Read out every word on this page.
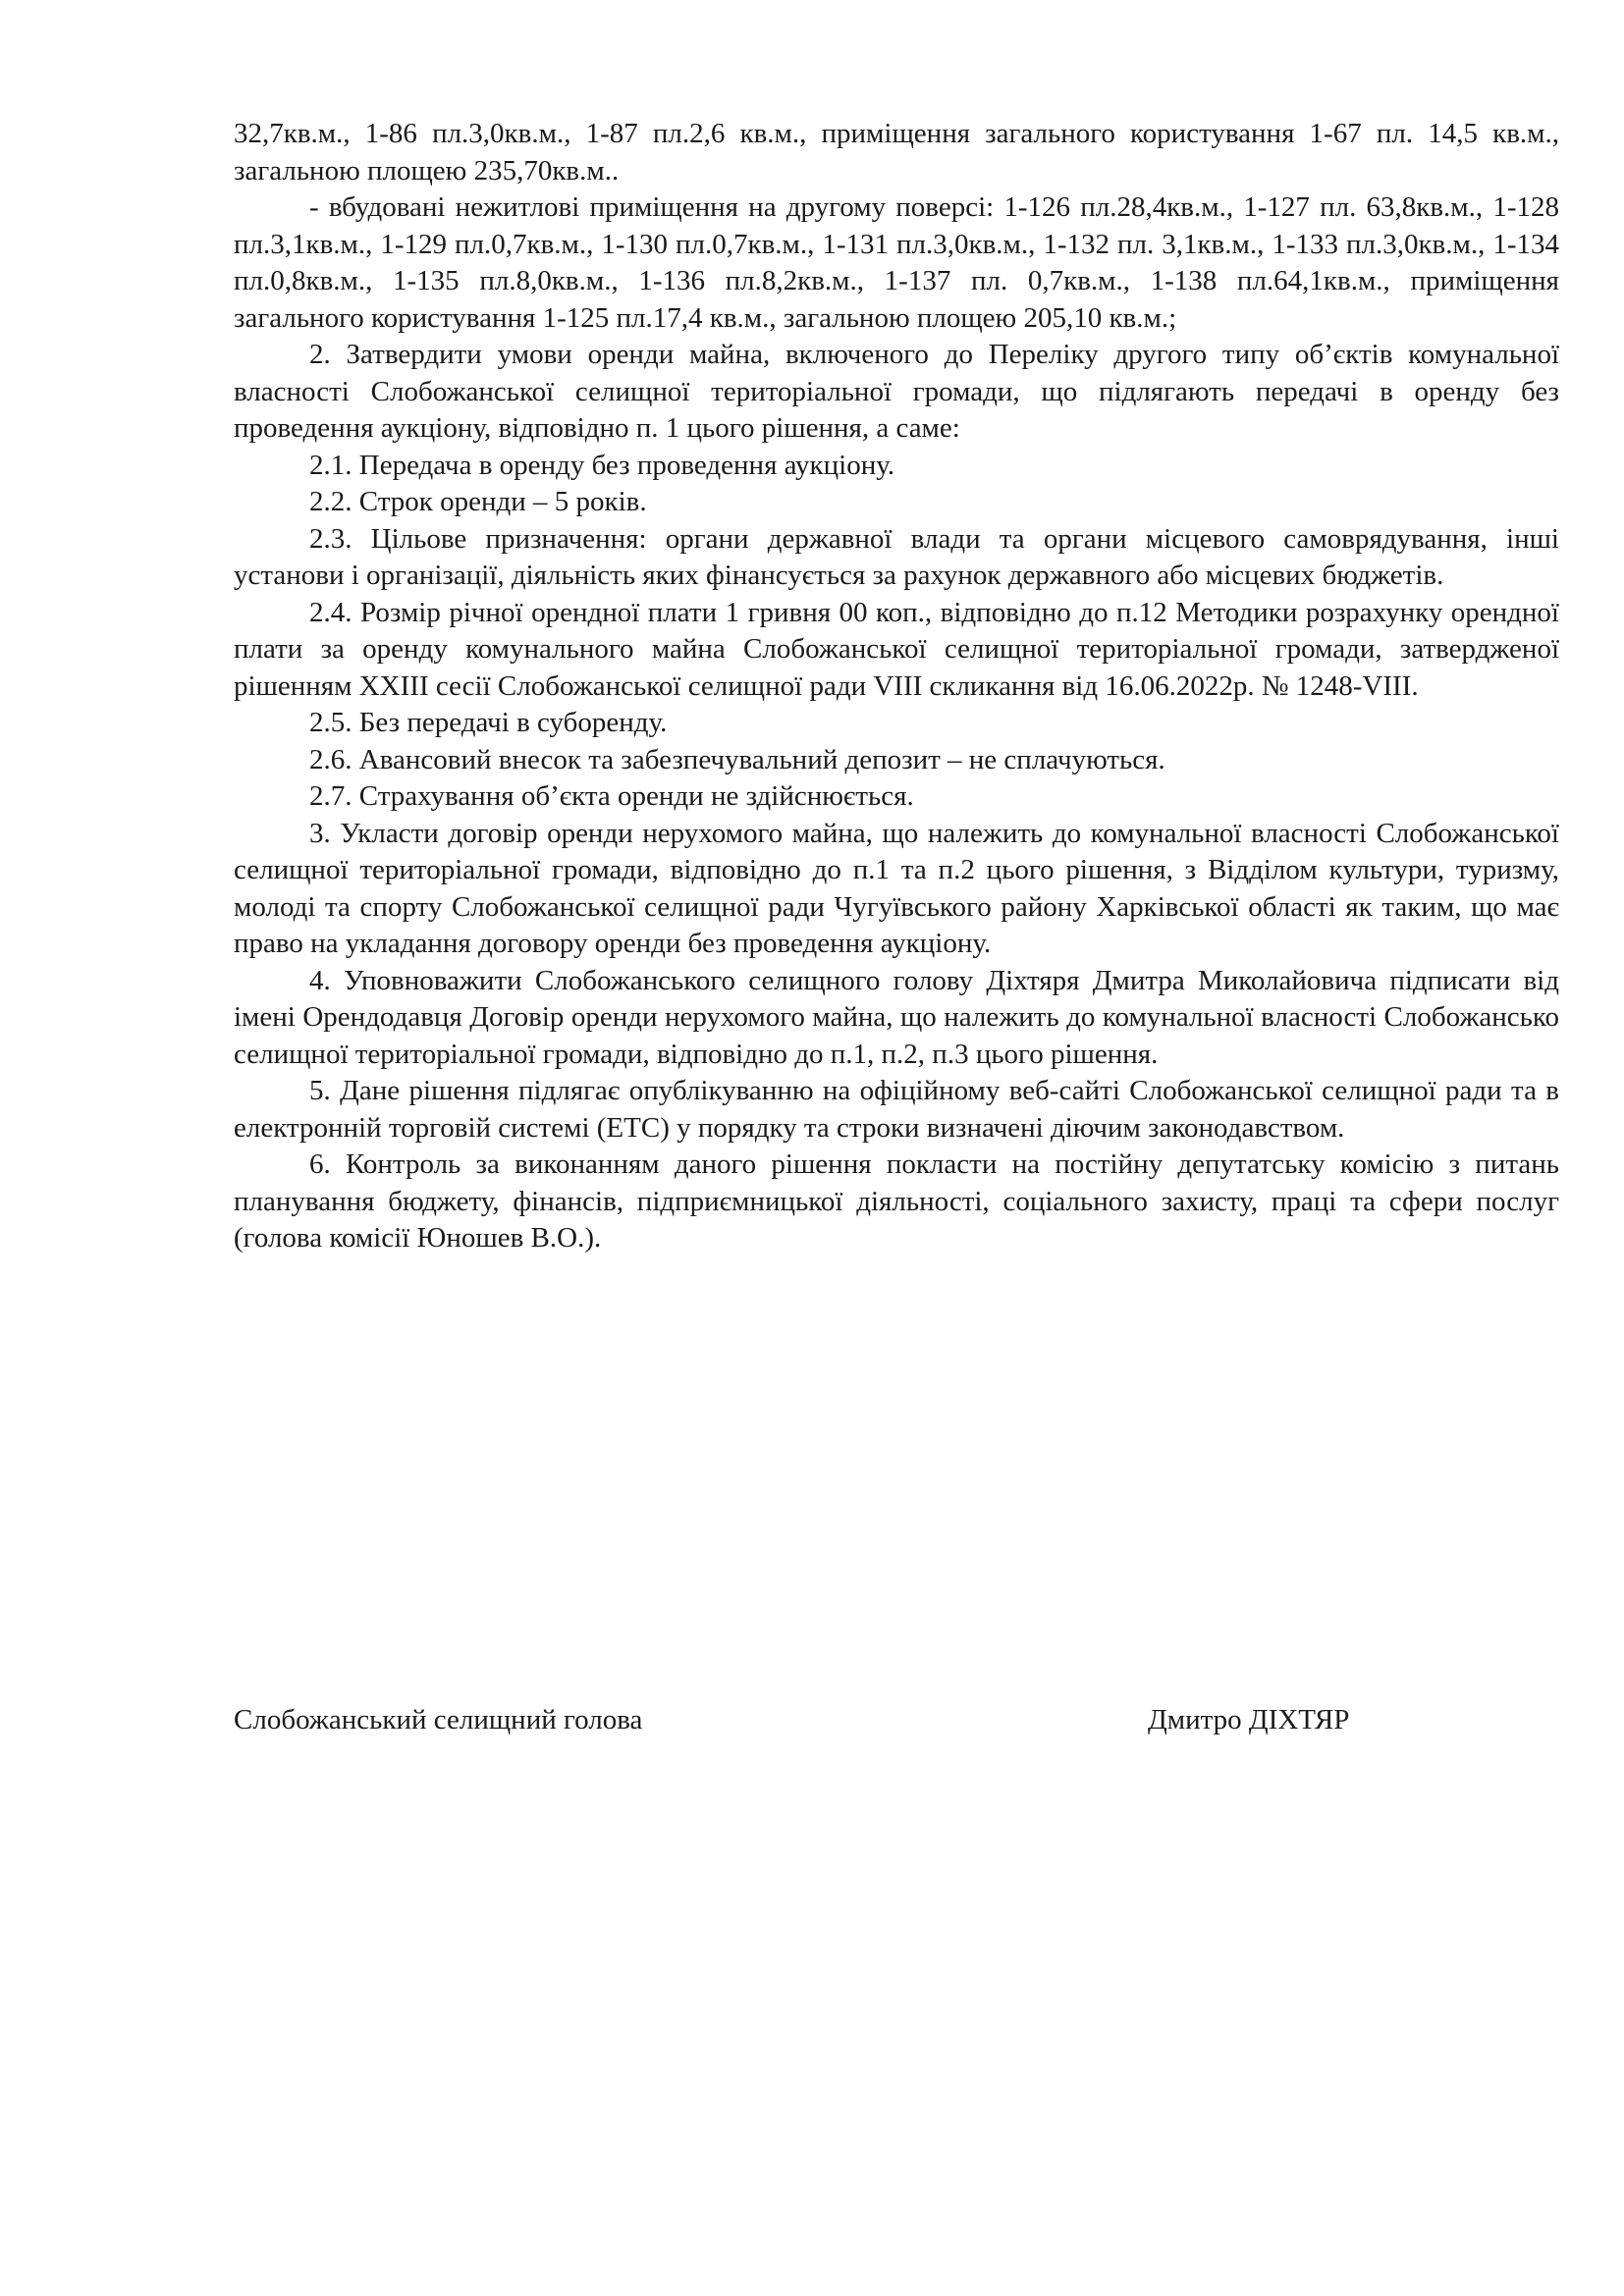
32,7кв.м., 1-86 пл.3,0кв.м., 1-87 пл.2,6 кв.м., приміщення загального користування 1-67 пл. 14,5 кв.м., загальною площею 235,70кв.м..

- вбудовані нежитлові приміщення на другому поверсі: 1-126 пл.28,4кв.м., 1-127 пл. 63,8кв.м., 1-128 пл.3,1кв.м., 1-129 пл.0,7кв.м., 1-130 пл.0,7кв.м., 1-131 пл.3,0кв.м., 1-132 пл. 3,1кв.м., 1-133 пл.3,0кв.м., 1-134 пл.0,8кв.м., 1-135 пл.8,0кв.м., 1-136 пл.8,2кв.м., 1-137 пл. 0,7кв.м., 1-138 пл.64,1кв.м., приміщення загального користування 1-125 пл.17,4 кв.м., загальною площею 205,10 кв.м.;

2. Затвердити умови оренди майна, включеного до Переліку другого типу об’єктів комунальної власності Слобожанської селищної територіальної громади, що підлягають передачі в оренду без проведення аукціону, відповідно п. 1 цього рішення, а саме:

2.1. Передача в оренду без проведення аукціону.

2.2. Строк оренди – 5 років.

2.3. Цільове призначення: органи державної влади та органи місцевого самоврядування, інші установи і організації, діяльність яких фінансується за рахунок державного або місцевих бюджетів.

2.4. Розмір річної орендної плати 1 гривня 00 коп., відповідно до п.12 Методики розрахунку орендної плати за оренду комунального майна Слобожанської селищної територіальної громади, затвердженої рішенням XXIII сесії Слобожанської селищної ради VIII скликання від 16.06.2022р. № 1248-VIII.

2.5. Без передачі в суборенду.

2.6. Авансовий внесок та забезпечувальний депозит – не сплачуються.

2.7. Страхування об’єкта оренди не здійснюється.

3. Укласти договір оренди нерухомого майна, що належить до комунальної власності Слобожанської селищної територіальної громади, відповідно до п.1 та п.2 цього рішення, з Відділом культури, туризму, молоді та спорту Слобожанської селищної ради Чугуївського району Харківської області як таким, що має право на укладання договору оренди без проведення аукціону.

4. Уповноважити Слобожанського селищного голову Діхтяря Дмитра Миколайовича підписати від імені Орендодавця Договір оренди нерухомого майна, що належить до комунальної власності Слобожансько селищної територіальної громади, відповідно до п.1, п.2, п.3 цього рішення.

5. Дане рішення підлягає опублікуванню на офіційному веб-сайті Слобожанської селищної ради та в електронній торговій системі (ЕТС) у порядку та строки визначені діючим законодавством.

6. Контроль за виконанням даного рішення покласти на постійну депутатську комісію з питань планування бюджету, фінансів, підприємницької діяльності, соціального захисту, праці та сфери послуг (голова комісії Юношев В.О.).

Слобожанський селищний голова	Дмитро ДІХТЯР
